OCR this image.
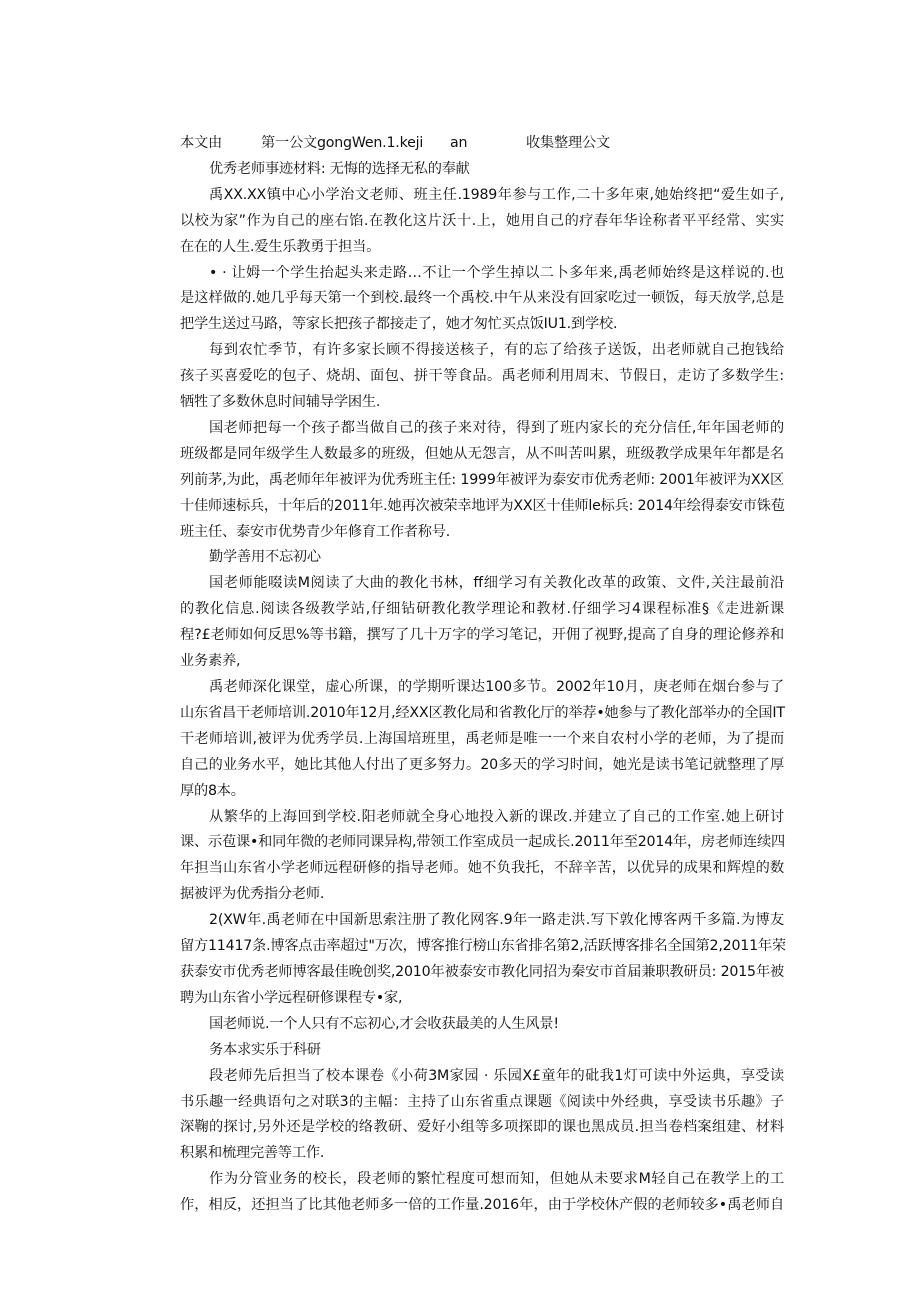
本文由	第一公文gongWen.1.keji an	收集整理公文
优秀老师事迹材料: 无悔的选择无私的奉献
禹XX.XX镇中心小学治文老师、班主任.1989年参与工作,二十多年柬,她始终把“爱生如子,
以校为家”作为自己的座右馅.在教化这片沃十.上，她用自己的疗春年华诠称者平平经常、实实
在在的人生.爱生乐教勇于担当。
• · 让姆一个学生抬起头来走路…不让一个学生掉以二卜多年来,禹老师始终是这样说的.也
是这样做的.她几乎每天第一个到校.最终一个禹校.中午从来没有回家吃过一顿饭，每天放学,总是
把学生送过马路，等家长把孩子都接走了，她才匆忙买点饭IU1.到学校.
每到农忙季节，有许多家长顾不得接送核子，有的忘了给孩子送饭，出老师就自己抱钱给
孩子买喜爱吃的包子、烧胡、面包、拼干等食品。禹老师利用周末、节假日，走访了多数学生:
牺牲了多数休息时间辅导学困生.
国老师把每一个孩子都当做自己的孩子来对待，得到了班内家长的充分信任,年年国老师的
班级都是同年级学生人数最多的班级，但她从无怨言，从不叫苦叫累，班级教学成果年年都是名
列前茅,为此，禹老师年年被评为优秀班主任: 1999年被评为泰安市优秀老师: 2001年被评为XX区
十佳师速标兵，十年后的2011年.她再次被荣幸地评为XX区十佳师le标兵: 2014年绘得泰安市铢苞
班主任、泰安市优势青少年修育工作者称号.
勤学善用不忘初心
国老师能啜读M阅读了大曲的教化书林，ff细学习有关教化改革的政策、文件,关注最前沿
的教化信息.阅读各级教学站,仔细钻研教化教学理论和教材.仔细学习4课程标准§《走进新课
程?£老师如何反思%等书籍，撰写了几十万字的学习笔记，开佣了视野,提高了自身的理论修养和
业务素养,
禹老师深化课堂，虚心所课，的学期听课达100多节。2002年10月，庚老师在烟台参与了
山东省昌干老师培训.2010年12月,经XX区教化局和省教化厅的举荐•她参与了教化部举办的全国IT
干老师培训,被评为优秀学员.上海国培班里，禹老师是唯一一个来自农村小学的老师，为了提而
自己的业务水平，她比其他人付出了更多努力。20多天的学习时间，她光是读书笔记就整理了厚
厚的8本。
从繁华的上海回到学校.阳老师就全身心地投入新的课改.并建立了自己的工作室.她上研讨
课、示苞课•和同年微的老师同课异构,带领工作室成员一起成长.2011年至2014年，房老师连续四
年担当山东省小学老师远程研修的指导老师。她不负我托，不辞辛苦，以优异的成果和辉煌的数
据被评为优秀指分老师.
2(XW年.禹老师在中国新思索注册了教化网客.9年一路走洪.写下敦化博客两千多篇.为博友
留方11417条.博客点击率超过"万次，博客推行榜山东省排名第2,活跃博客排名全国第2,2011年荣
获泰安市优秀老师博客最佳晚创奖,2010年被泰安市教化同招为秦安市首届兼职教研员: 2015年被
聘为山东省小学远程研修课程专•家,
国老师说.一个人只有不忘初心,才会收获最美的人生风景!
务本求实乐于科研
段老师先后担当了校本课卷《小荷3M家园 · 乐园X£童年的砒我1灯可读中外运典，享受读
书乐趣一经典语句之对联3的主幅：主持了山东省重点课题《阅读中外经典，享受读书乐趣》子
深鞠的探讨,另外还是学校的络教研、爱好小组等多项探即的课也黑成员.担当卷档案组建、材料
积累和梳理完善等工作.
作为分管业务的校长，段老师的繁忙程度可想而知，但她从未要求M轻自己在教学上的工
作，相反，还担当了比其他老师多一倍的工作量.2016年，由于学校休产假的老师较多•禹老师自
